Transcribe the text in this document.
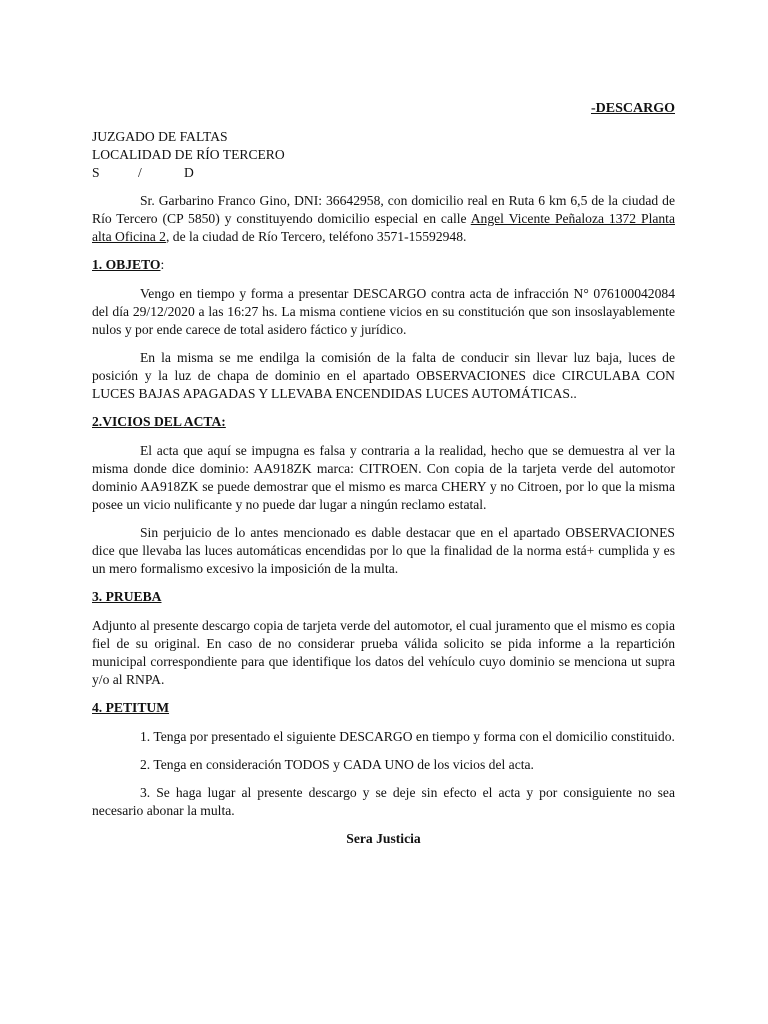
-DESCARGO
JUZGADO DE FALTAS
LOCALIDAD DE RÍO TERCERO
S	/	D

Sr. Garbarino Franco Gino, DNI: 36642958, con domicilio real en Ruta 6 km 6,5 de la ciudad de Río Tercero (CP 5850) y constituyendo domicilio especial en calle Angel Vicente Peñaloza 1372 Planta alta Oficina 2, de la ciudad de Río Tercero, teléfono 3571-15592948.

1. OBJETO:

Vengo en tiempo y forma a presentar DESCARGO contra acta de infracción N° 076100042084 del día 29/12/2020 a las 16:27 hs. La misma contiene vicios en su constitución que son insoslayablemente nulos y por ende carece de total asidero fáctico y jurídico.

En la misma se me endilga la comisión de la falta de conducir sin llevar luz baja, luces de posición y la luz de chapa de dominio en el apartado OBSERVACIONES dice CIRCULABA CON LUCES BAJAS APAGADAS Y LLEVABA ENCENDIDAS LUCES AUTOMÁTICAS..

2.VICIOS DEL ACTA:

El acta que aquí se impugna es falsa y contraria a la realidad, hecho que se demuestra al ver la misma donde dice dominio: AA918ZK marca: CITROEN. Con copia de la tarjeta verde del automotor dominio AA918ZK se puede demostrar que el mismo es marca CHERY y no Citroen, por lo que la misma posee un vicio nulificante y no puede dar lugar a ningún reclamo estatal.

Sin perjuicio de lo antes mencionado es dable destacar que en el apartado OBSERVACIONES dice que llevaba las luces automáticas encendidas por lo que la finalidad de la norma está+ cumplida y es un mero formalismo excesivo la imposición de la multa.

3. PRUEBA

Adjunto al presente descargo copia de tarjeta verde del automotor, el cual juramento que el mismo es copia fiel de su original. En caso de no considerar prueba válida solicito se pida informe a la repartición municipal correspondiente para que identifique los datos del vehículo cuyo dominio se menciona ut supra y/o al RNPA.

4. PETITUM

1. Tenga por presentado el siguiente DESCARGO en tiempo y forma con el domicilio constituido.

2. Tenga en consideración TODOS y CADA UNO de los vicios del acta.

3. Se haga lugar al presente descargo y se deje sin efecto el acta y por consiguiente no sea necesario abonar la multa.

Sera Justicia
